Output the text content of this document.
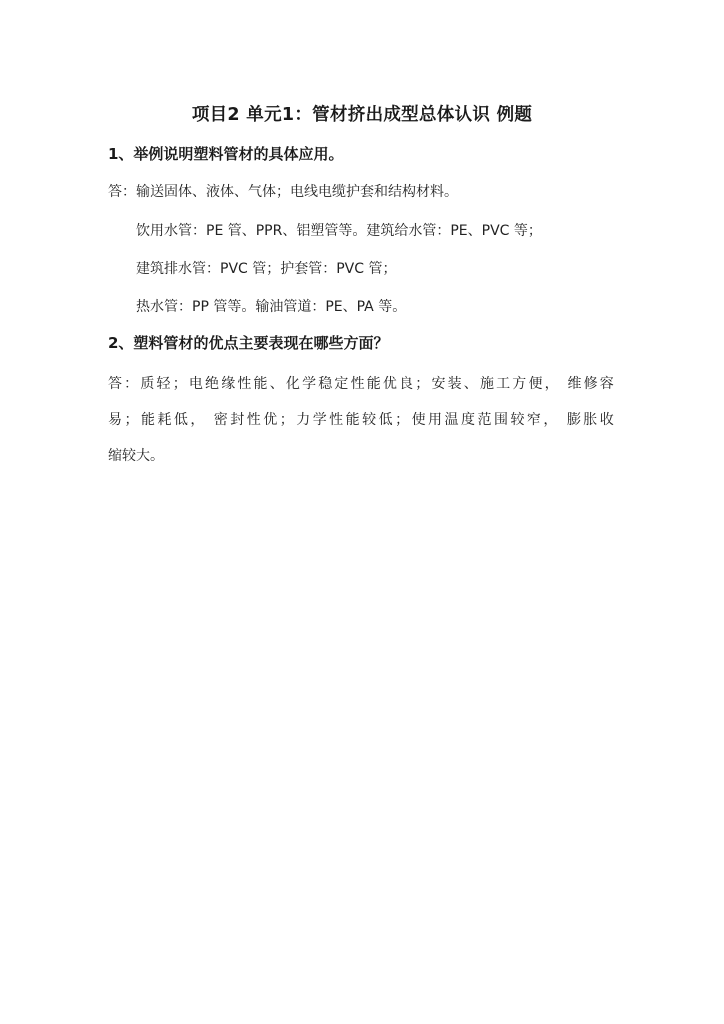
项目2 单元1：管材挤出成型总体认识 例题
1、举例说明塑料管材的具体应用。
答：输送固体、液体、气体；电线电缆护套和结构材料。
饮用水管：PE 管、PPR、铝塑管等。建筑给水管：PE、PVC 等；
建筑排水管：PVC 管；护套管：PVC 管；
热水管：PP 管等。输油管道：PE、PA 等。
2、塑料管材的优点主要表现在哪些方面？
答：质轻；电绝缘性能、化学稳定性能优良；安装、施工方便， 维修容
易；能耗低， 密封性优；力学性能较低；使用温度范围较窄， 膨胀收
缩较大。
